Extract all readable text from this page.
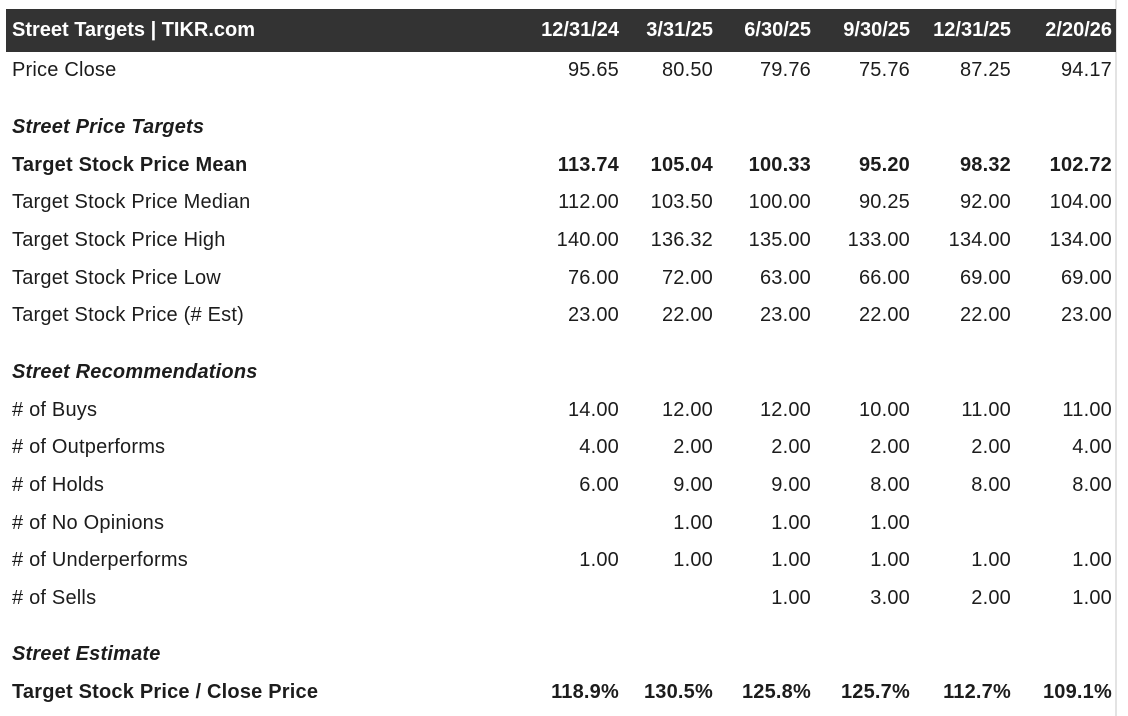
Street Targets | TIKR.com	12/31/24	3/31/25	6/30/25	9/30/25	12/31/25	2/20/26
Price Close	95.65	80.50	79.76	75.76	87.25	94.17
Street Price Targets						
Target Stock Price Mean	113.74	105.04	100.33	95.20	98.32	102.72
Target Stock Price Median	112.00	103.50	100.00	90.25	92.00	104.00
Target Stock Price High	140.00	136.32	135.00	133.00	134.00	134.00
Target Stock Price Low	76.00	72.00	63.00	66.00	69.00	69.00
Target Stock Price (# Est)	23.00	22.00	23.00	22.00	22.00	23.00
Street Recommendations						
# of Buys	14.00	12.00	12.00	10.00	11.00	11.00
# of Outperforms	4.00	2.00	2.00	2.00	2.00	4.00
# of Holds	6.00	9.00	9.00	8.00	8.00	8.00
# of No Opinions		1.00	1.00	1.00		
# of Underperforms	1.00	1.00	1.00	1.00	1.00	1.00
# of Sells			1.00	3.00	2.00	1.00
Street Estimate						
Target Stock Price / Close Price	118.9%	130.5%	125.8%	125.7%	112.7%	109.1%
